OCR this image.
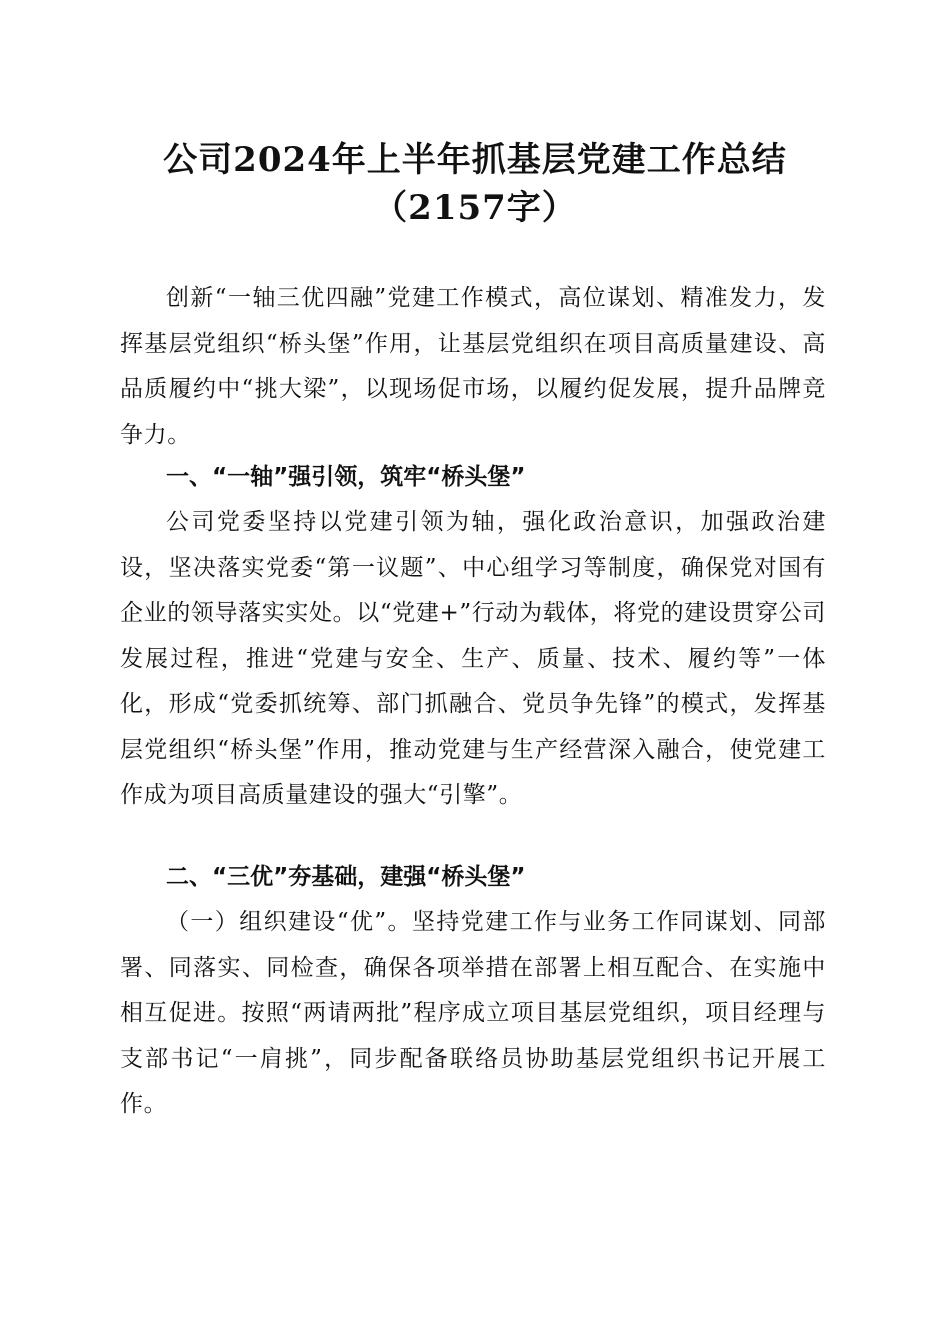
公司2024年上半年抓基层党建工作总结
（2157字）

创新“一轴三优四融”党建工作模式，高位谋划、精准发力，发挥基层党组织“桥头堡”作用，让基层党组织在项目高质量建设、高品质履约中“挑大梁”，以现场促市场，以履约促发展，提升品牌竞争力。

一、“一轴”强引领，筑牢“桥头堡”

公司党委坚持以党建引领为轴，强化政治意识，加强政治建设，坚决落实党委“第一议题”、中心组学习等制度，确保党对国有企业的领导落实实处。以“党建+”行动为载体，将党的建设贯穿公司发展过程，推进“党建与安全、生产、质量、技术、履约等”一体化，形成“党委抓统筹、部门抓融合、党员争先锋”的模式，发挥基层党组织“桥头堡”作用，推动党建与生产经营深入融合，使党建工作成为项目高质量建设的强大“引擎”。

二、“三优”夯基础，建强“桥头堡”

（一）组织建设“优”。坚持党建工作与业务工作同谋划、同部署、同落实、同检查，确保各项举措在部署上相互配合、在实施中相互促进。按照“两请两批”程序成立项目基层党组织，项目经理与支部书记“一肩挑”，同步配备联络员协助基层党组织书记开展工作。
